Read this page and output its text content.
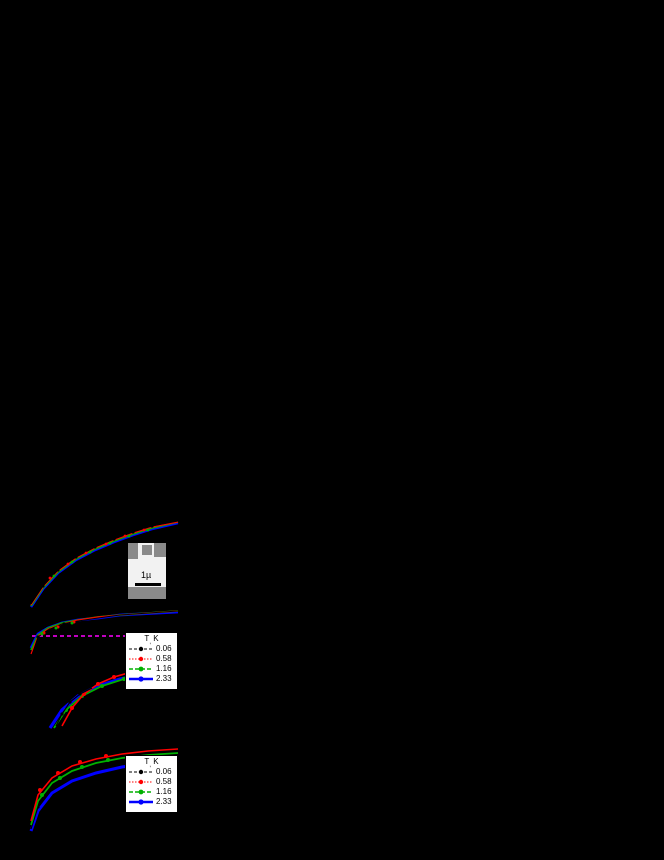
1µ
$T_,$ K
0.06
0.58
1.16
2.33
$T_,$ K
0.06
0.58
1.16
2.33
